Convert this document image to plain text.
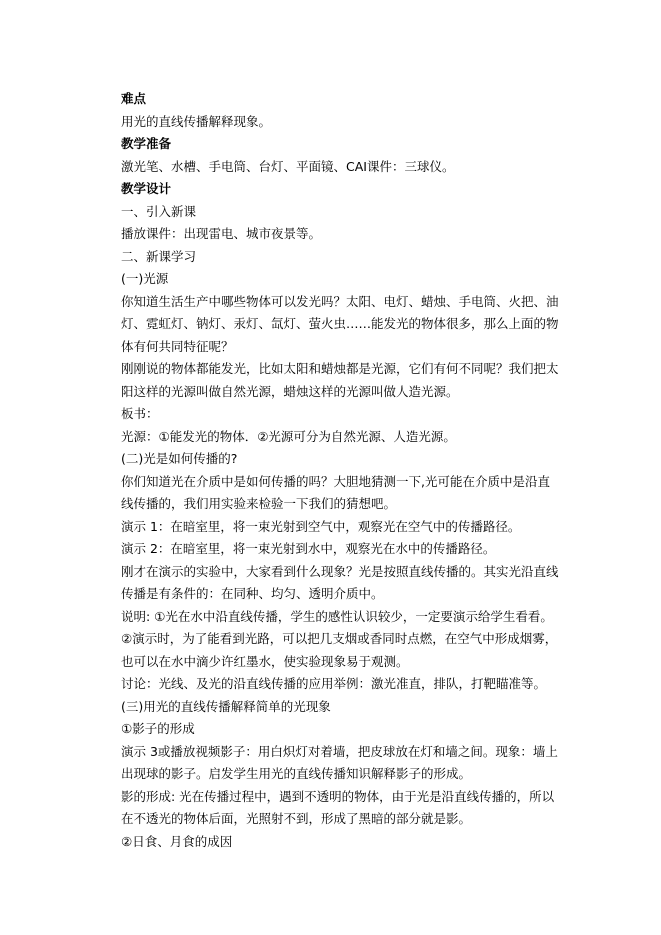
难点

用光的直线传播解释现象。

教学准备

激光笔、水槽、手电筒、台灯、平面镜、CAI课件：三球仪。

教学设计

一、引入新课

播放课件：出现雷电、城市夜景等。

二、新课学习

(一)光源

你知道生活生产中哪些物体可以发光吗？太阳、电灯、蜡烛、手电筒、火把、油灯、霓虹灯、钠灯、汞灯、氙灯、萤火虫……能发光的物体很多，那么上面的物体有何共同特征呢？

刚刚说的物体都能发光，比如太阳和蜡烛都是光源，它们有何不同呢？我们把太阳这样的光源叫做自然光源，蜡烛这样的光源叫做人造光源。

板书：

光源：①能发光的物体．②光源可分为自然光源、人造光源。

(二)光是如何传播的?

你们知道光在介质中是如何传播的吗？大胆地猜测一下,光可能在介质中是沿直线传播的，我们用实验来检验一下我们的猜想吧。

演示 1：在暗室里，将一束光射到空气中，观察光在空气中的传播路径。

演示 2：在暗室里，将一束光射到水中，观察光在水中的传播路径。

刚才在演示的实验中，大家看到什么现象？光是按照直线传播的。其实光沿直线传播是有条件的：在同种、均匀、透明介质中。

说明: ①光在水中沿直线传播，学生的感性认识较少，一定要演示给学生看看。②演示时，为了能看到光路，可以把几支烟或香同时点燃，在空气中形成烟雾，也可以在水中滴少许红墨水，使实验现象易于观测。

讨论：光线、及光的沿直线传播的应用举例：激光准直，排队，打靶瞄准等。

(三)用光的直线传播解释简单的光现象

①影子的形成

演示 3或播放视频影子：用白炽灯对着墙，把皮球放在灯和墙之间。现象：墙上出现球的影子。启发学生用光的直线传播知识解释影子的形成。

影的形成: 光在传播过程中，遇到不透明的物体，由于光是沿直线传播的，所以在不透光的物体后面，光照射不到，形成了黑暗的部分就是影。

②日食、月食的成因
